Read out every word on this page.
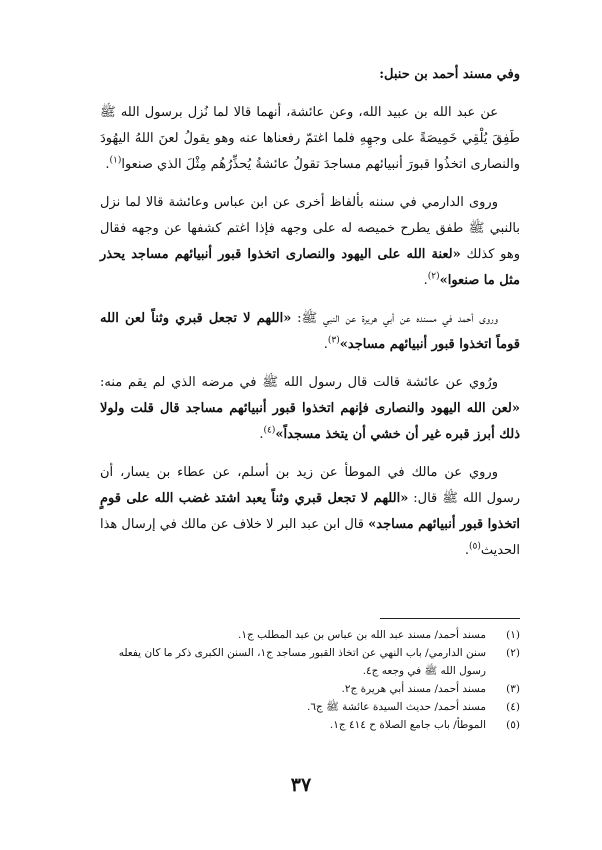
وفي مسند أحمد بن حنبل:

عن عبد الله بن عبيد الله، وعن عائشة، أنهما قالا لما نُزل برسول الله ﷺ طَفِقَ يُلْقِي خَمِيصَةً على وجهِهِ فلما اغتمّ رفعناها عنه وهو يقولُ لعنَ اللهُ اليهُودَ والنصارى اتخذُوا قبورَ أنبيائهم مساجدَ تقولُ عائشةُ يُحذِّرُهُم مِثْلَ الذي صنعوا$^{(١)}$.

وروى الدارمي في سننه بألفاظ أخرى عن ابن عباس وعائشة قالا لما نزل بالنبي ﷺ طفق يطرح خميصه له على وجهه فإذا اغتم كشفها عن وجهه فقال وهو كذلك «لعنة الله على اليهود والنصارى اتخذوا قبور أنبيائهم مساجد يحذر مثل ما صنعوا»$^{(٢)}$.

وروى أحمد في مسنده عن أبي هريرة عن النبي ﷺ: «اللهم لا تجعل قبري وثناً لعن الله قوماً اتخذوا قبور أنبيائهم مساجد»$^{(٣)}$.

ورُوي عن عائشة قالت قال رسول الله ﷺ في مرضه الذي لم يقم منه: «لعن الله اليهود والنصارى فإنهم اتخذوا قبور أنبيائهم مساجد قال قلت ولولا ذلك أبرز قبره غير أن خشي أن يتخذ مسجداً»$^{(٤)}$.

وروي عن مالك في الموطأ عن زيد بن أسلم، عن عطاء بن يسار، أن رسول الله ﷺ قال: «اللهم لا تجعل قبري وثناً يعبد اشتد غضب الله على قومٍ اتخذوا قبور أنبيائهم مساجد» قال ابن عبد البر لا خلاف عن مالك في إرسال هذا الحديث$^{(٥)}$.

(١)
مسند أحمد/ مسند عبد الله بن عباس بن عبد المطلب ج١.
(٢)
سنن الدارمي/ باب النهي عن اتخاذ القبور مساجد ج١، السنن الكبرى ذكر ما كان يفعله رسول الله ﷺ في وجعه ج٤.
(٣)
مسند أحمد/ مسند أبي هريرة ج٢.
(٤)
مسند أحمد/ حديث السيدة عائشة ﷺ ج٦.
(٥)
الموطأ/ باب جامع الصلاة ح ٤١٤ ج١.
٣٧
